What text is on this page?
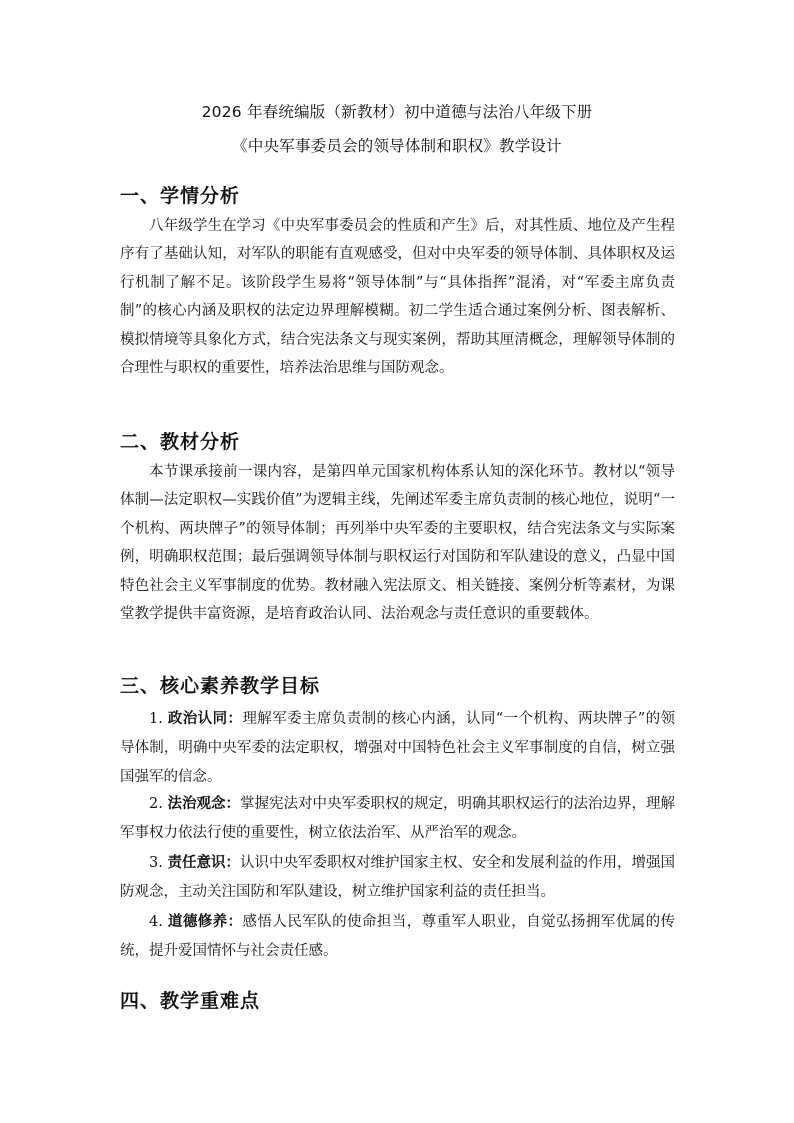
2026 年春统编版（新教材）初中道德与法治八年级下册
《中央军事委员会的领导体制和职权》教学设计
一、学情分析

八年级学生在学习《中央军事委员会的性质和产生》后，对其性质、地位及产生程序有了基础认知，对军队的职能有直观感受，但对中央军委的领导体制、具体职权及运行机制了解不足。该阶段学生易将“领导体制”与“具体指挥”混淆，对“军委主席负责制”的核心内涵及职权的法定边界理解模糊。初二学生适合通过案例分析、图表解析、模拟情境等具象化方式，结合宪法条文与现实案例，帮助其厘清概念，理解领导体制的合理性与职权的重要性，培养法治思维与国防观念。

二、教材分析

本节课承接前一课内容，是第四单元国家机构体系认知的深化环节。教材以“领导体制—法定职权—实践价值”为逻辑主线，先阐述军委主席负责制的核心地位，说明“一个机构、两块牌子”的领导体制；再列举中央军委的主要职权，结合宪法条文与实际案例，明确职权范围；最后强调领导体制与职权运行对国防和军队建设的意义，凸显中国特色社会主义军事制度的优势。教材融入宪法原文、相关链接、案例分析等素材，为课堂教学提供丰富资源，是培育政治认同、法治观念与责任意识的重要载体。

三、核心素养教学目标

1. 政治认同：理解军委主席负责制的核心内涵，认同“一个机构、两块牌子”的领导体制，明确中央军委的法定职权，增强对中国特色社会主义军事制度的自信，树立强国强军的信念。

2. 法治观念：掌握宪法对中央军委职权的规定，明确其职权运行的法治边界，理解军事权力依法行使的重要性，树立依法治军、从严治军的观念。

3. 责任意识：认识中央军委职权对维护国家主权、安全和发展利益的作用，增强国防观念，主动关注国防和军队建设，树立维护国家利益的责任担当。

4. 道德修养：感悟人民军队的使命担当，尊重军人职业，自觉弘扬拥军优属的传统，提升爱国情怀与社会责任感。

四、教学重难点
